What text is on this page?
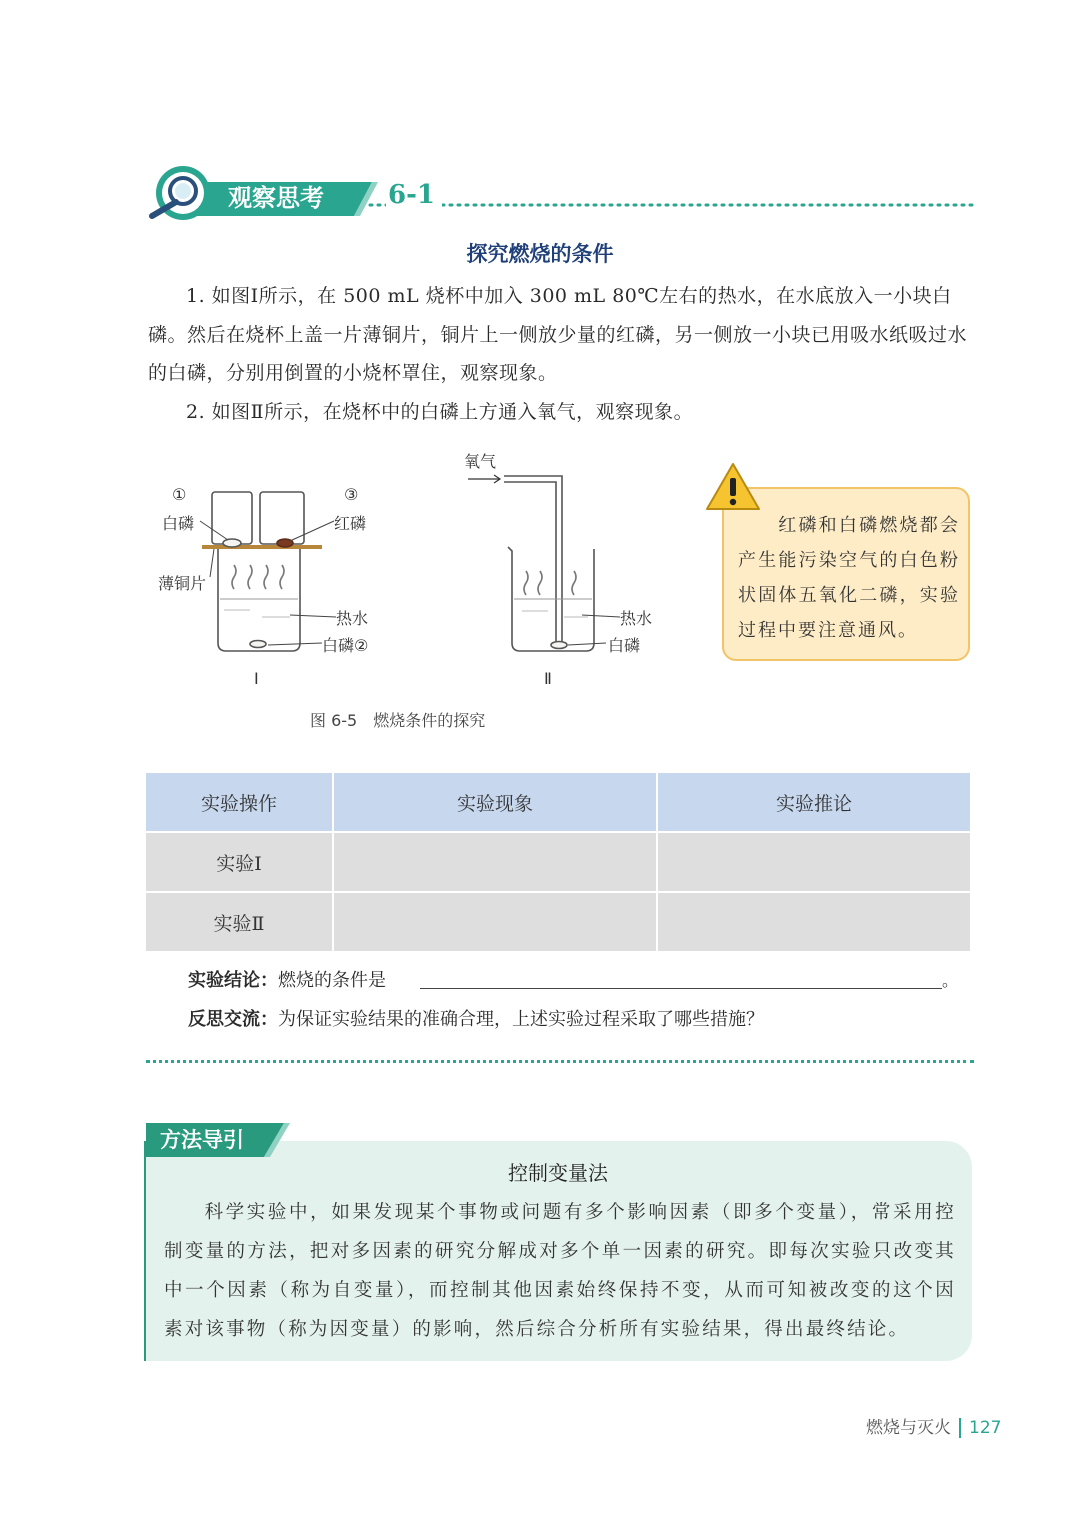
观察思考 6-1
探究燃烧的条件
1. 如图Ⅰ所示，在 500 mL 烧杯中加入 300 mL 80℃左右的热水，在水底放入一小块白磷。然后在烧杯上盖一片薄铜片，铜片上一侧放少量的红磷，另一侧放一小块已用吸水纸吸过水的白磷，分别用倒置的小烧杯罩住，观察现象。
2. 如图Ⅱ所示，在烧杯中的白磷上方通入氧气，观察现象。
①	③
白磷	红磷
薄铜片
热水
白磷②
Ⅰ
氧气
热水
白磷
Ⅱ
图 6-5　燃烧条件的探究
红磷和白磷燃烧都会产生能污染空气的白色粉状固体五氧化二磷，实验过程中要注意通风。
实验操作	实验现象	实验推论
实验Ⅰ		
实验Ⅱ		
实验结论：燃烧的条件是	。
反思交流：为保证实验结果的准确合理，上述实验过程采取了哪些措施？
方法导引
控制变量法
科学实验中，如果发现某个事物或问题有多个影响因素（即多个变量），常采用控制变量的方法，把对多因素的研究分解成对多个单一因素的研究。即每次实验只改变其中一个因素（称为自变量），而控制其他因素始终保持不变，从而可知被改变的这个因素对该事物（称为因变量）的影响，然后综合分析所有实验结果，得出最终结论。
燃烧与灭火 127
